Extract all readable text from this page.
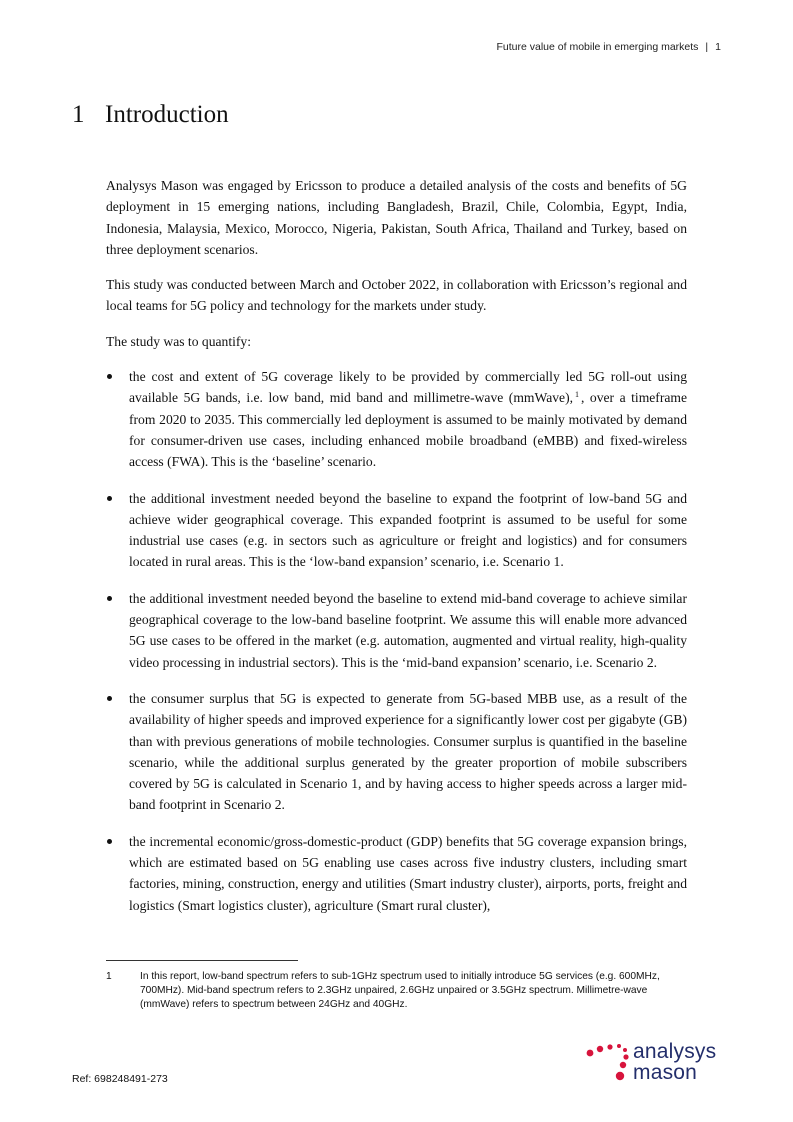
Future value of mobile in emerging markets | 1
1 Introduction

Analysys Mason was engaged by Ericsson to produce a detailed analysis of the costs and benefits of 5G deployment in 15 emerging nations, including Bangladesh, Brazil, Chile, Colombia, Egypt, India, Indonesia, Malaysia, Mexico, Morocco, Nigeria, Pakistan, South Africa, Thailand and Turkey, based on three deployment scenarios.

This study was conducted between March and October 2022, in collaboration with Ericsson’s regional and local teams for 5G policy and technology for the markets under study.

The study was to quantify:

the cost and extent of 5G coverage likely to be provided by commercially led 5G roll-out using available 5G bands, i.e. low band, mid band and millimetre-wave (mmWave), $^1$ , over a timeframe from 2020 to 2035. This commercially led deployment is assumed to be mainly motivated by demand for consumer-driven use cases, including enhanced mobile broadband (eMBB) and fixed-wireless access (FWA). This is the ‘baseline’ scenario.
the additional investment needed beyond the baseline to expand the footprint of low-band 5G and achieve wider geographical coverage. This expanded footprint is assumed to be useful for some industrial use cases (e.g. in sectors such as agriculture or freight and logistics) and for consumers located in rural areas. This is the ‘low-band expansion’ scenario, i.e. Scenario 1.
the additional investment needed beyond the baseline to extend mid-band coverage to achieve similar geographical coverage to the low-band baseline footprint. We assume this will enable more advanced 5G use cases to be offered in the market (e.g. automation, augmented and virtual reality, high-quality video processing in industrial sectors). This is the ‘mid-band expansion’ scenario, i.e. Scenario 2.
the consumer surplus that 5G is expected to generate from 5G-based MBB use, as a result of the availability of higher speeds and improved experience for a significantly lower cost per gigabyte (GB) than with previous generations of mobile technologies. Consumer surplus is quantified in the baseline scenario, while the additional surplus generated by the greater proportion of mobile subscribers covered by 5G is calculated in Scenario 1, and by having access to higher speeds across a larger mid-band footprint in Scenario 2.
the incremental economic/gross-domestic-product (GDP) benefits that 5G coverage expansion brings, which are estimated based on 5G enabling use cases across five industry clusters, including smart factories, mining, construction, energy and utilities (Smart industry cluster), airports, ports, freight and logistics (Smart logistics cluster), agriculture (Smart rural cluster),
1	In this report, low-band spectrum refers to sub-1GHz spectrum used to initially introduce 5G services (e.g. 600MHz, 700MHz). Mid-band spectrum refers to 2.3GHz unpaired, 2.6GHz unpaired or 3.5GHz spectrum. Millimetre-wave (mmWave) refers to spectrum between 24GHz and 40GHz.
Ref: 698248491-273
analysys
mason
